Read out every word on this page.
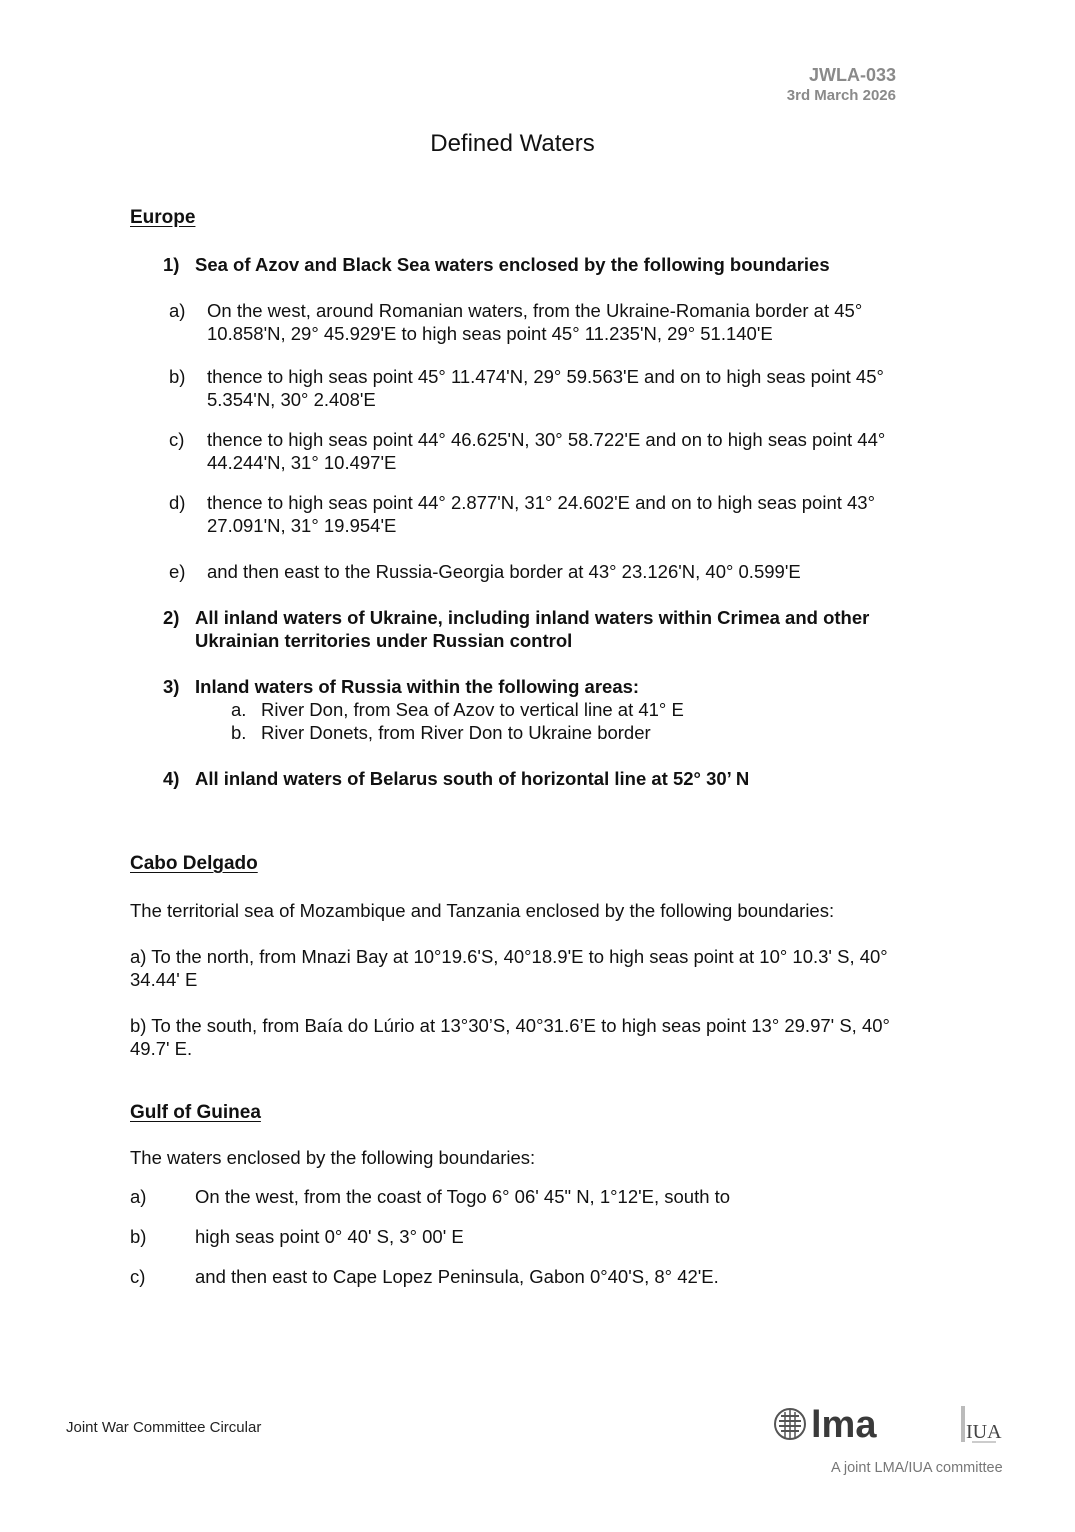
JWLA-033
3rd March 2026
Defined Waters
Europe
1) Sea of Azov and Black Sea waters enclosed by the following boundaries
a) On the west, around Romanian waters, from the Ukraine-Romania border at 45° 10.858'N, 29° 45.929'E to high seas point 45° 11.235'N, 29° 51.140'E
b) thence to high seas point 45° 11.474'N, 29° 59.563'E and on to high seas point 45° 5.354'N, 30° 2.408'E
c) thence to high seas point 44° 46.625'N, 30° 58.722'E and on to high seas point 44° 44.244'N, 31° 10.497'E
d) thence to high seas point 44° 2.877'N, 31° 24.602'E and on to high seas point 43° 27.091'N, 31° 19.954'E
e) and then east to the Russia-Georgia border at 43° 23.126'N, 40° 0.599'E
2) All inland waters of Ukraine, including inland waters within Crimea and other Ukrainian territories under Russian control
3) Inland waters of Russia within the following areas:
a. River Don, from Sea of Azov to vertical line at 41° E
b. River Donets, from River Don to Ukraine border
4) All inland waters of Belarus south of horizontal line at 52° 30’ N
Cabo Delgado
The territorial sea of Mozambique and Tanzania enclosed by the following boundaries:
a) To the north, from Mnazi Bay at 10°19.6'S, 40°18.9'E to high seas point at 10° 10.3' S, 40° 34.44' E
b) To the south, from Baía do Lúrio at 13°30’S, 40°31.6’E to high seas point 13° 29.97' S, 40° 49.7' E.
Gulf of Guinea
The waters enclosed by the following boundaries:
a)	On the west, from the coast of Togo 6° 06' 45" N, 1°12'E, south to
b)	high seas point 0° 40' S, 3° 00' E
c)	and then east to Cape Lopez Peninsula, Gabon 0°40'S, 8° 42'E.
Joint War Committee Circular	lma	IUA
A joint LMA/IUA committee
